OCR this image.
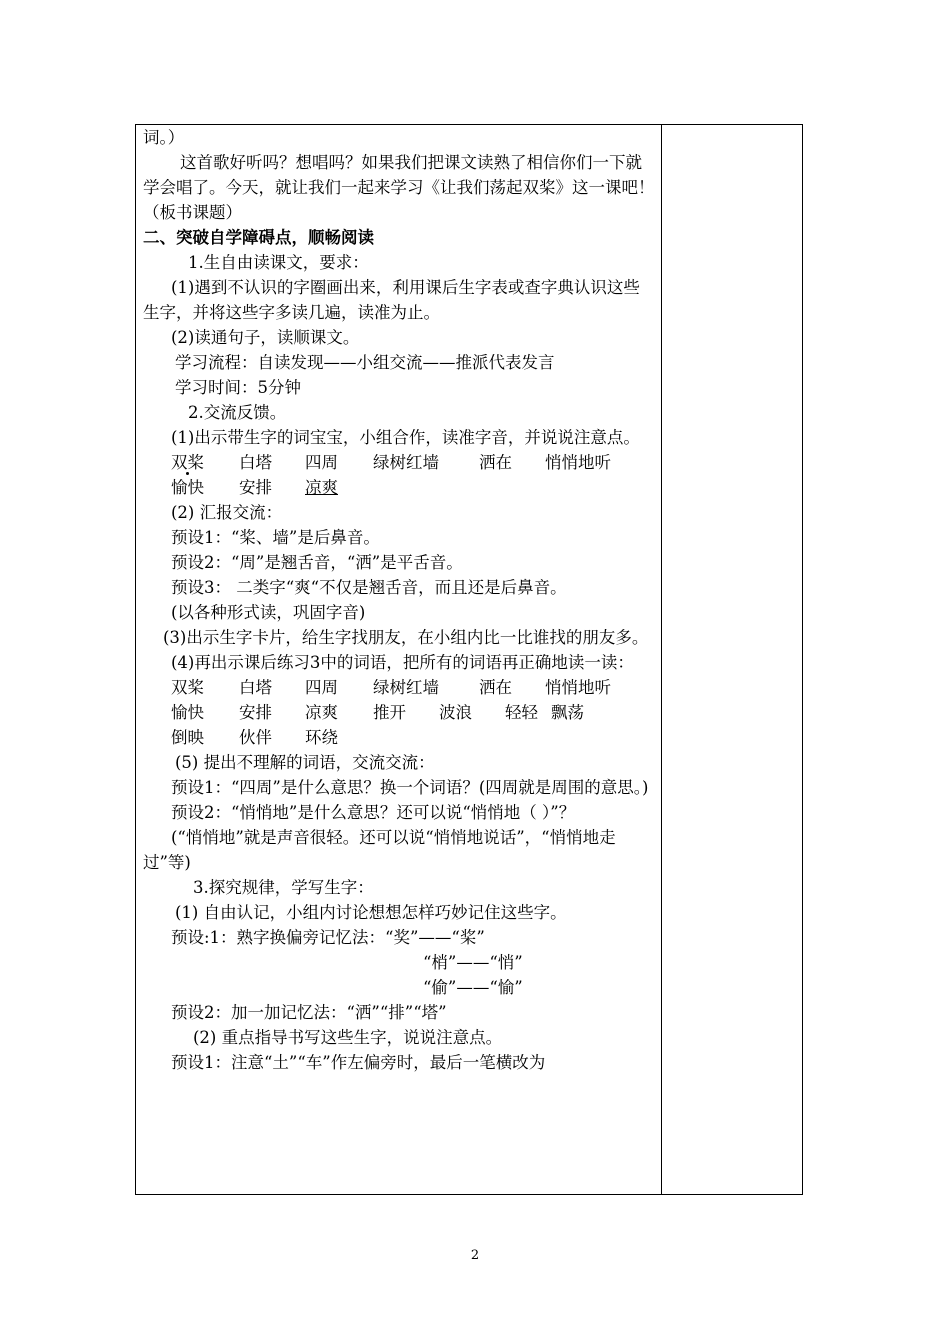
词。）

这首歌好听吗？想唱吗？如果我们把课文读熟了相信你们一下就学会唱了。今天，就让我们一起来学习《让我们荡起双桨》这一课吧！（板书课题）

二、突破自学障碍点，顺畅阅读

1.生自由读课文，要求：

(1)遇到不认识的字圈画出来，利用课后生字表或查字典认识这些生字，并将这些字多读几遍，读准为止。

(2)读通句子，读顺课文。

学习流程：自读发现——小组交流——推派代表发言

学习时间：5分钟

2.交流反馈。

(1)出示带生字的词宝宝，小组合作，读准字音，并说说注意点。

双桨 白塔 四周 绿树红墙 洒在 悄悄地听

愉快 安排 凉爽

(2) 汇报交流：

预设1：“桨、墙”是后鼻音。

预设2：“周”是翘舌音，“洒”是平舌音。

预设3： 二类字“爽“不仅是翘舌音，而且还是后鼻音。

(以各种形式读，巩固字音)

(3)出示生字卡片，给生字找朋友，在小组内比一比谁找的朋友多。

(4)再出示课后练习3中的词语，把所有的词语再正确地读一读：

双桨 白塔 四周 绿树红墙 洒在 悄悄地听

愉快 安排 凉爽 推开 波浪 轻轻 飘荡

倒映 伙伴 环绕

(5) 提出不理解的词语，交流交流：

预设1：“四周”是什么意思？换一个词语？(四周就是周围的意思。)

预设2：“悄悄地”是什么意思？还可以说“悄悄地（ ）”？

(“悄悄地”就是声音很轻。还可以说“悄悄地说话”，“悄悄地走过”等)

3.探究规律，学写生字：

(1) 自由认记，小组内讨论想想怎样巧妙记住这些字。

预设:1：熟字换偏旁记忆法：“奖”——“桨”

“梢”——“悄”

“偷”——“愉”

预设2：加一加记忆法：“洒”“排”“塔”

(2) 重点指导书写这些生字，说说注意点。

预设1：注意“土”“车”作左偏旁时，最后一笔横改为

2
